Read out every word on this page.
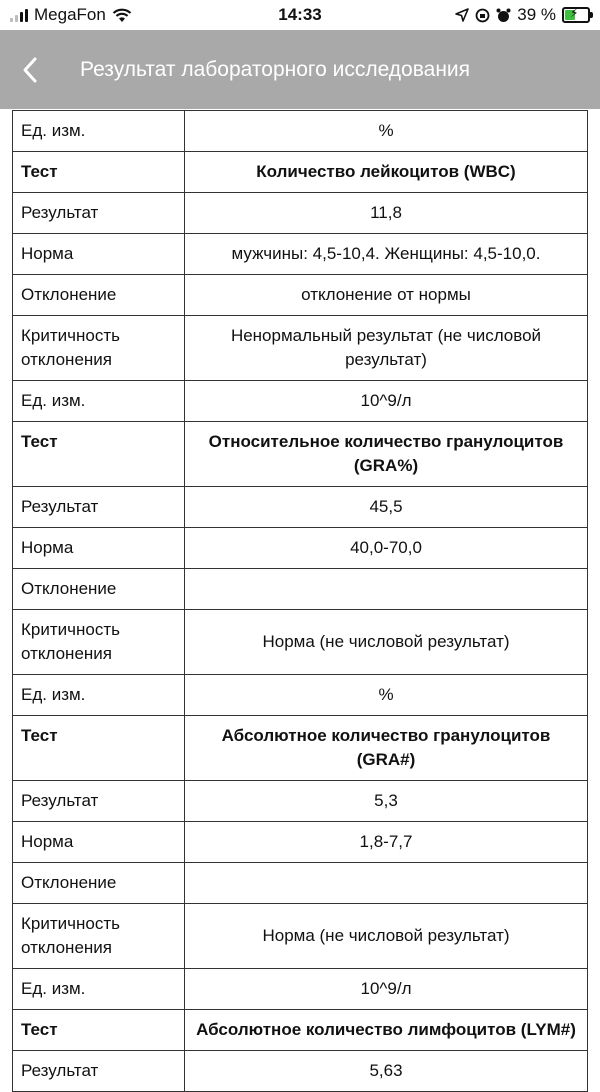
MegaFon	14:33	39 % ⚡
Результат лабораторного исследования
Ед. изм.	%
Тест	Количество лейкоцитов (WBC)
Результат	11,8
Норма	мужчины: 4,5-10,4. Женщины: 4,5-10,0.
Отклонение	отклонение от нормы
Критичность отклонения	Ненормальный результат (не числовой результат)
Ед. изм.	10^9/л
Тест	Относительное количество гранулоцитов (GRA%)
Результат	45,5
Норма	40,0-70,0
Отклонение	
Критичность отклонения	Норма (не числовой результат)
Ед. изм.	%
Тест	Абсолютное количество гранулоцитов (GRA#)
Результат	5,3
Норма	1,8-7,7
Отклонение	
Критичность отклонения	Норма (не числовой результат)
Ед. изм.	10^9/л
Тест	Абсолютное количество лимфоцитов (LYM#)
Результат	5,63
